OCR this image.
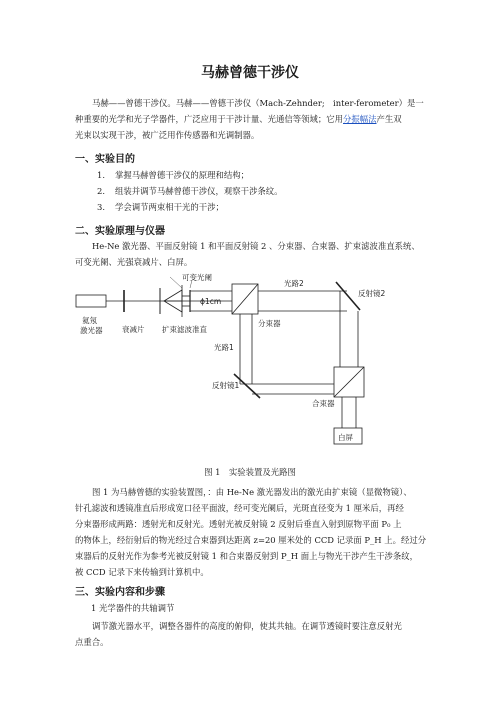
马赫曾德干涉仪

马赫——曾德干涉仪。马赫——曾德干涉仪（Mach-Zehnder;　inter-ferometer）是一

种重要的光学和光子学器件，广泛应用于干涉计量、光通信等领域；它用分振幅法产生双

光束以实现干涉，被广泛用作传感器和光调制器。

一、实验目的
1. 掌握马赫曾德干涉仪的原理和结构；
2. 组装并调节马赫曾德干涉仪，观察干涉条纹。
3. 学会调节两束相干光的干涉；
二、实验原理与仪器

He-Ne 激光器、平面反射镜 1 和平面反射镜 2 、分束器、合束器、扩束滤波准直系统、

可变光阑、光强衰减片、白屏。

氦氖
激光器	衰减片
可变光阑
ϕ1cm
扩束滤波准直
分束器
光路2
反射镜2
光路1
反射镜1
合束器
白屏
图 1　实验装置及光路图

图 1 为马赫曾德的实验装置图，：由 He-Ne 激光器发出的激光由扩束镜（显微物镜）、

针孔滤波和透镜准直后形成宽口径平面波，经可变光阑后，光斑直径变为 1 厘米后，再经

分束器形成两路：透射光和反射光。透射光被反射镜 2 反射后垂直入射到原物平面 P₀ 上

的物体上，经衍射后的物光经过合束器到达距离 z=20 厘米处的 CCD 记录面 P_H 上。经过分

束器后的反射光作为参考光被反射镜 1 和合束器反射到 P_H 面上与物光干涉产生干涉条纹，

被 CCD 记录下来传输到计算机中。

三、实验内容和步骤
1 光学器件的共轴调节

调节激光器水平，调整各器件的高度的俯仰，使其共轴。在调节透镜时要注意反射光

点重合。
